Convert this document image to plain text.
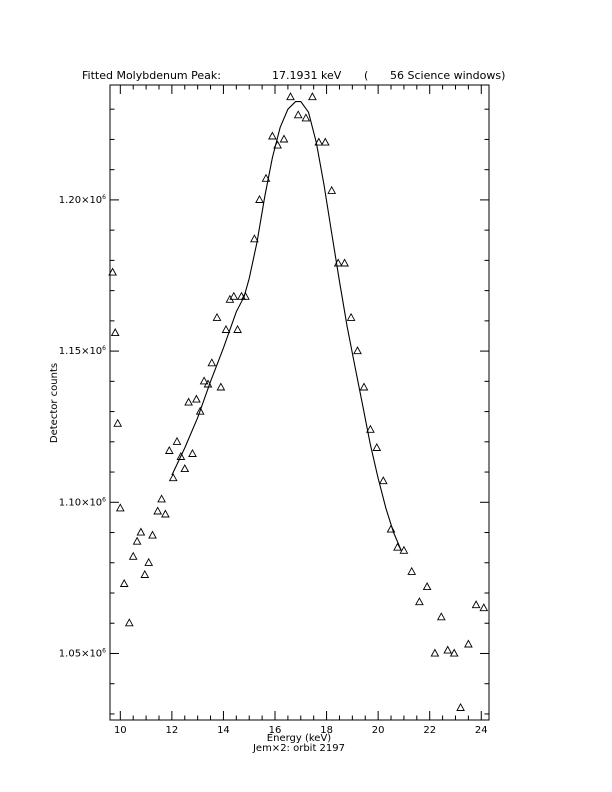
Fitted Molybdenum Peak:	17.1931 keV ( 56 Science windows)
10	12	14	16	18	20	22	24
$1.05\times 10^6$
$1.10\times 10^6$
$1.15\times 10^6$
$1.20\times 10^6$
Energy (keV)
Jem×2: orbit 2197
Detector counts
